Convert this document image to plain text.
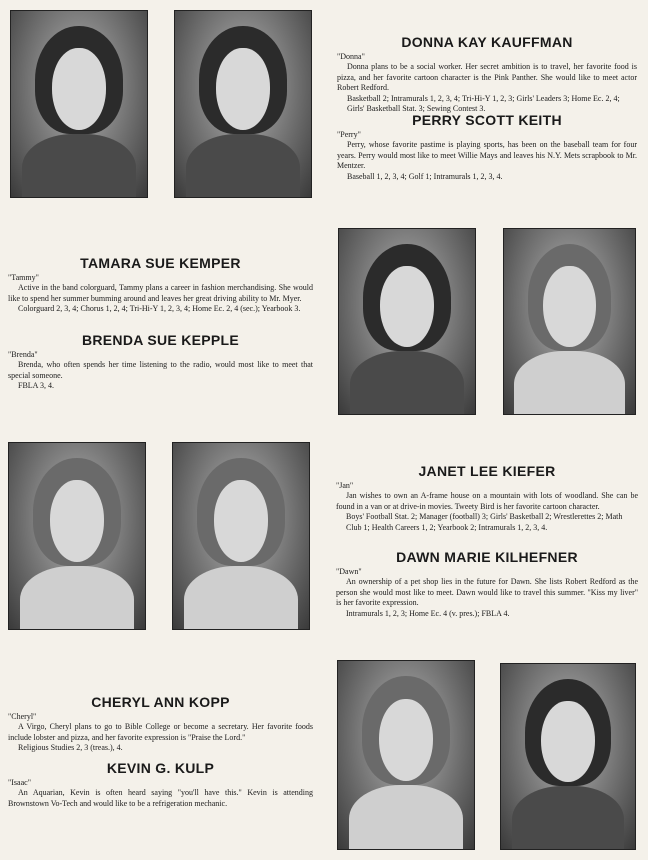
DONNA KAY KAUFFMAN

"Donna"

Donna plans to be a social worker. Her secret ambition is to travel, her favorite food is pizza, and her favorite cartoon character is the Pink Panther. She would like to meet actor Robert Redford.

Basketball 2; Intramurals 1, 2, 3, 4; Tri-Hi-Y 1, 2, 3; Girls' Leaders 3; Home Ec. 2, 4; Girls' Basketball Stat. 3; Sewing Contest 3.

PERRY SCOTT KEITH

"Perry"

Perry, whose favorite pastime is playing sports, has been on the baseball team for four years. Perry would most like to meet Willie Mays and leaves his N.Y. Mets scrapbook to Mr. Mentzer.

Baseball 1, 2, 3, 4; Golf 1; Intramurals 1, 2, 3, 4.

TAMARA SUE KEMPER

"Tammy"

Active in the band colorguard, Tammy plans a career in fashion merchandising. She would like to spend her summer bumming around and leaves her great driving ability to Mr. Myer.

Colorguard 2, 3, 4; Chorus 1, 2, 4; Tri-Hi-Y 1, 2, 3, 4; Home Ec. 2, 4 (sec.); Yearbook 3.

BRENDA SUE KEPPLE

"Brenda"

Brenda, who often spends her time listening to the radio, would most like to meet that special someone.

FBLA 3, 4.

JANET LEE KIEFER

"Jan"

Jan wishes to own an A-frame house on a mountain with lots of woodland. She can be found in a van or at drive-in movies. Tweety Bird is her favorite cartoon character.

Boys' Football Stat. 2; Manager (football) 3; Girls' Basketball 2; Wrestlerettes 2; Math Club 1; Health Careers 1, 2; Yearbook 2; Intramurals 1, 2, 3, 4.

DAWN MARIE KILHEFNER

"Dawn"

An ownership of a pet shop lies in the future for Dawn. She lists Robert Redford as the person she would most like to meet. Dawn would like to travel this summer. "Kiss my liver" is her favorite expression.

Intramurals 1, 2, 3; Home Ec. 4 (v. pres.); FBLA 4.

CHERYL ANN KOPP

"Cheryl"

A Virgo, Cheryl plans to go to Bible College or become a secretary. Her favorite foods include lobster and pizza, and her favorite expression is "Praise the Lord."

Religious Studies 2, 3 (treas.), 4.

KEVIN G. KULP

"Isaac"

An Aquarian, Kevin is often heard saying "you'll have this." Kevin is attending Brownstown Vo-Tech and would like to be a refrigeration mechanic.
